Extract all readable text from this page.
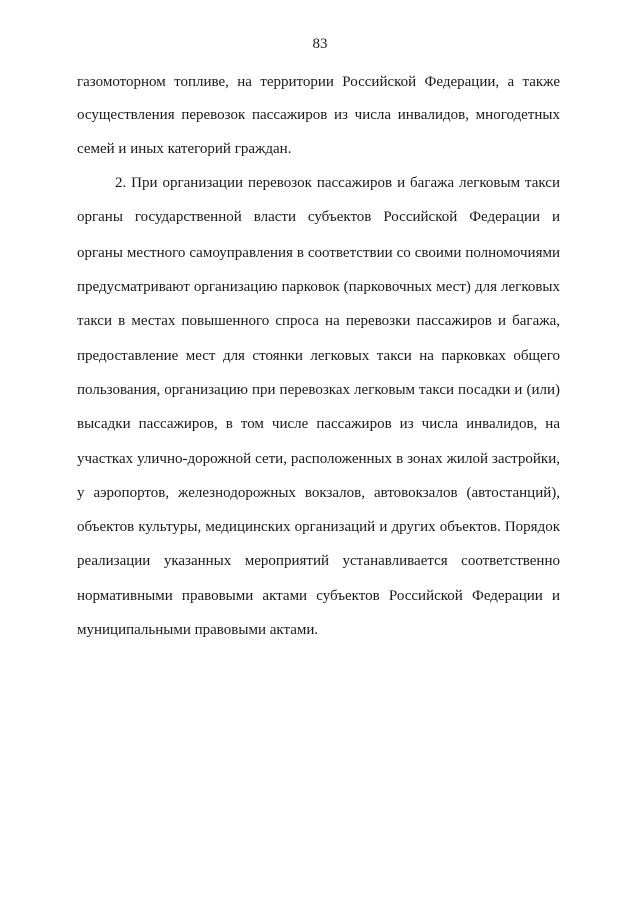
83
газомоторном топливе, на территории Российской Федерации, а также
осуществления перевозок пассажиров из числа инвалидов, многодетных
семей и иных категорий граждан.
2. При организации перевозок пассажиров и багажа легковым такси
органы государственной власти субъектов Российской Федерации и
органы местного самоуправления в соответствии со своими полномочиями
предусматривают организацию парковок (парковочных мест) для легковых
такси в местах повышенного спроса на перевозки пассажиров и багажа,
предоставление мест для стоянки легковых такси на парковках общего
пользования, организацию при перевозках легковым такси посадки и (или)
высадки пассажиров, в том числе пассажиров из числа инвалидов, на
участках улично-дорожной сети, расположенных в зонах жилой застройки,
у аэропортов, железнодорожных вокзалов, автовокзалов (автостанций),
объектов культуры, медицинских организаций и других объектов. Порядок
реализации указанных мероприятий устанавливается соответственно
нормативными правовыми актами субъектов Российской Федерации и
муниципальными правовыми актами.
